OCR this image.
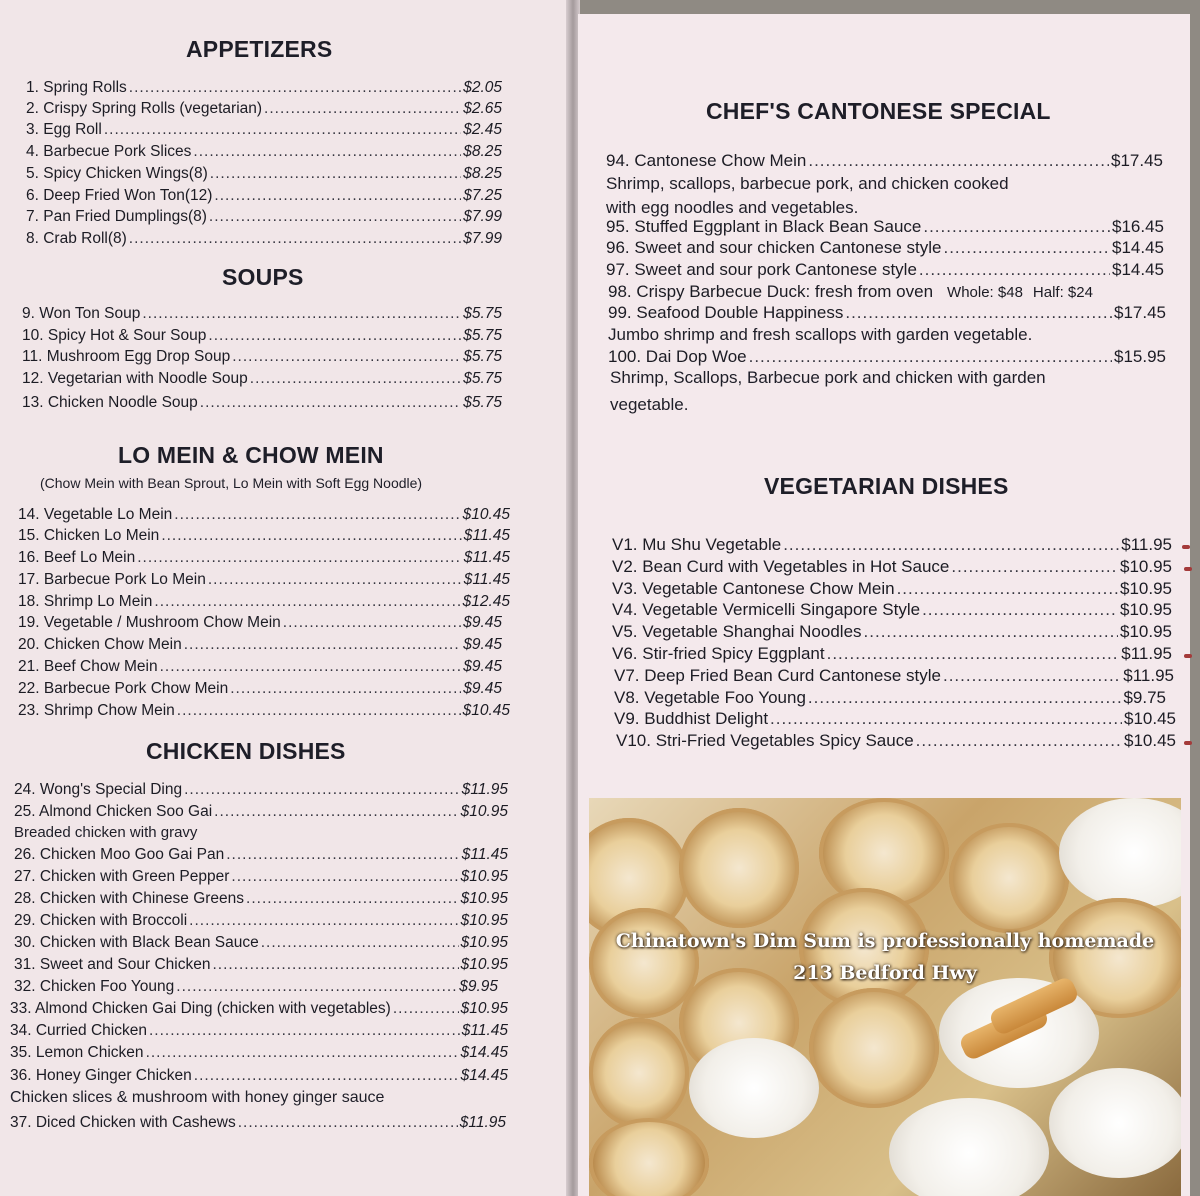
APPETIZERS
1. Spring Rolls .....	$2.05
2. Crispy Spring Rolls (vegetarian) .....	$2.65
3. Egg Roll .....	$2.45
4. Barbecue Pork Slices .....	$8.25
5. Spicy Chicken Wings(8) .....	$8.25
6. Deep Fried Won Ton(12) .....	$7.25
7. Pan Fried Dumplings(8) .....	$7.99
8. Crab Roll(8) .....	$7.99
SOUPS
9. Won Ton Soup .....	$5.75
10. Spicy Hot & Sour Soup .....	$5.75
11. Mushroom Egg Drop Soup .....	$5.75
12. Vegetarian with Noodle Soup .....	$5.75
13. Chicken Noodle Soup .....	$5.75
LO MEIN & CHOW MEIN
(Chow Mein with Bean Sprout, Lo Mein with Soft Egg Noodle)
14. Vegetable Lo Mein .....	$10.45
15. Chicken Lo Mein .....	$11.45
16. Beef Lo Mein .....	$11.45
17. Barbecue Pork Lo Mein .....	$11.45
18. Shrimp Lo Mein .....	$12.45
19. Vegetable / Mushroom Chow Mein .....	$9.45
20. Chicken Chow Mein .....	$9.45
21. Beef Chow Mein .....	$9.45
22. Barbecue Pork Chow Mein .....	$9.45
23. Shrimp Chow Mein .....	$10.45
CHICKEN DISHES
24. Wong's Special Ding .....	$11.95
25. Almond Chicken Soo Gai .....	$10.95
Breaded chicken with gravy
26. Chicken Moo Goo Gai Pan .....	$11.45
27. Chicken with Green Pepper .....	$10.95
28. Chicken with Chinese Greens .....	$10.95
29. Chicken with Broccoli .....	$10.95
30. Chicken with Black Bean Sauce .....	$10.95
31. Sweet and Sour Chicken .....	$10.95
32. Chicken Foo Young .....	$9.95
33. Almond Chicken Gai Ding (chicken with vegetables) .....	$10.95
34. Curried Chicken .....	$11.45
35. Lemon Chicken .....	$14.45
36. Honey Ginger Chicken .....	$14.45
Chicken slices & mushroom with honey ginger sauce
37. Diced Chicken with Cashews .....	$11.95
CHEF'S CANTONESE SPECIAL
94. Cantonese Chow Mein .....	$17.45
Shrimp, scallops, barbecue pork, and chicken cooked
with egg noodles and vegetables.
95. Stuffed Eggplant in Black Bean Sauce .....	$16.45
96. Sweet and sour chicken Cantonese style .....	$14.45
97. Sweet and sour pork Cantonese style .....	$14.45
98. Crispy Barbecue Duck: fresh from oven Whole: $48 Half: $24
99. Seafood Double Happiness .....	$17.45
Jumbo shrimp and fresh scallops with garden vegetable.
100. Dai Dop Woe .....	$15.95
Shrimp, Scallops, Barbecue pork and chicken with garden
vegetable.
VEGETARIAN DISHES
V1. Mu Shu Vegetable .....	$11.95
V2. Bean Curd with Vegetables in Hot Sauce .....	$10.95
V3. Vegetable Cantonese Chow Mein .....	$10.95
V4. Vegetable Vermicelli Singapore Style .....	$10.95
V5. Vegetable Shanghai Noodles .....	$10.95
V6. Stir-fried Spicy Eggplant .....	$11.95
V7. Deep Fried Bean Curd Cantonese style .....	$11.95
V8. Vegetable Foo Young .....	$9.75
V9. Buddhist Delight .....	$10.45
V10. Stri-Fried Vegetables Spicy Sauce .....	$10.45
Chinatown's Dim Sum is professionally homemade
213 Bedford Hwy
